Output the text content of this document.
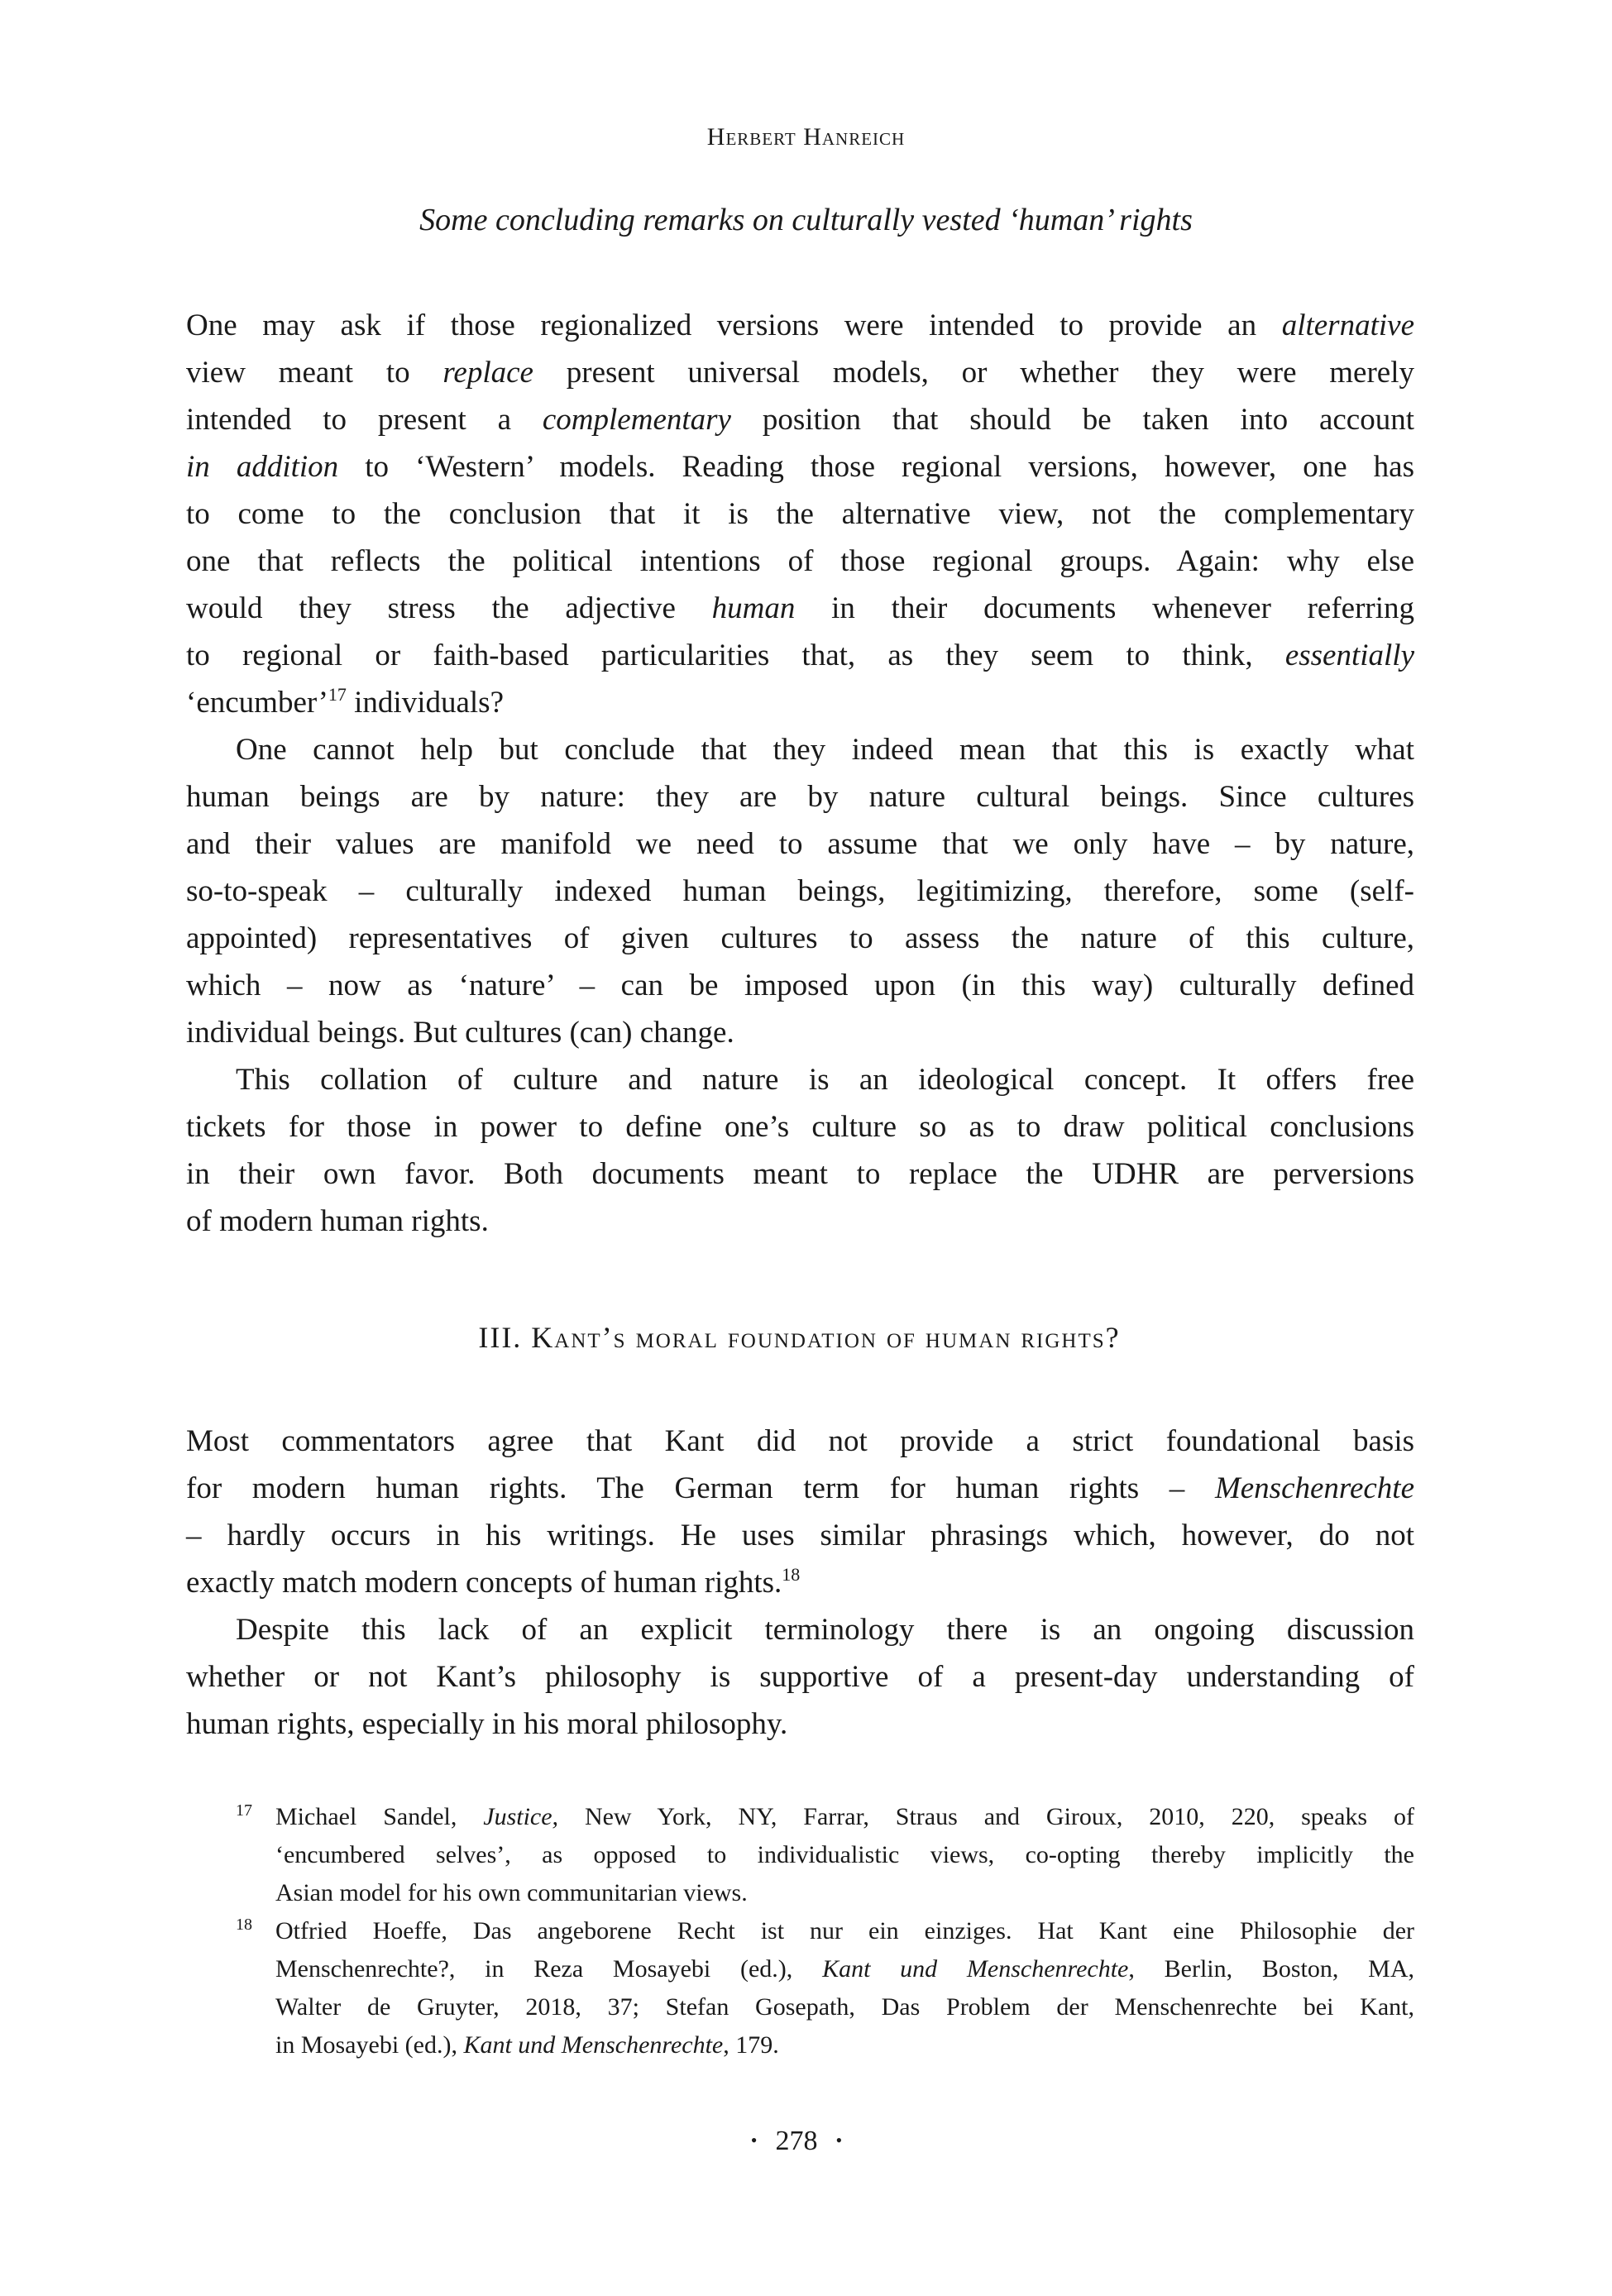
Herbert Hanreich
Some concluding remarks on culturally vested ‘human’ rights
One may ask if those regionalized versions were intended to provide an alternative
view meant to replace present universal models, or whether they were merely
intended to present a complementary position that should be taken into account
in addition to ‘Western’ models. Reading those regional versions, however, one has
to come to the conclusion that it is the alternative view, not the complementary
one that reflects the political intentions of those regional groups. Again: why else
would they stress the adjective human in their documents whenever referring
to regional or faith-based particularities that, as they seem to think, essentially
‘encumber’$^{17}$ individuals?
One cannot help but conclude that they indeed mean that this is exactly what
human beings are by nature: they are by nature cultural beings. Since cultures
and their values are manifold we need to assume that we only have – by nature,
so-to-speak – culturally indexed human beings, legitimizing, therefore, some (self-
appointed) representatives of given cultures to assess the nature of this culture,
which – now as ‘nature’ – can be imposed upon (in this way) culturally defined
individual beings. But cultures (can) change.
This collation of culture and nature is an ideological concept. It offers free
tickets for those in power to define one’s culture so as to draw political conclusions
in their own favor. Both documents meant to replace the UDHR are perversions
of modern human rights.
III. Kant’s moral foundation of human rights?
Most commentators agree that Kant did not provide a strict foundational basis
for modern human rights. The German term for human rights – Menschenrechte
– hardly occurs in his writings. He uses similar phrasings which, however, do not
exactly match modern concepts of human rights.$^{18}$
Despite this lack of an explicit terminology there is an ongoing discussion
whether or not Kant’s philosophy is supportive of a present-day understanding of
human rights, especially in his moral philosophy.
17 Michael Sandel, Justice, New York, NY, Farrar, Straus and Giroux, 2010, 220, speaks of
‘encumbered selves’, as opposed to individualistic views, co-opting thereby implicitly the
Asian model for his own communitarian views.
18 Otfried Hoeffe, Das angeborene Recht ist nur ein einziges. Hat Kant eine Philosophie der
Menschenrechte?, in Reza Mosayebi (ed.), Kant und Menschenrechte, Berlin, Boston, MA,
Walter de Gruyter, 2018, 37; Stefan Gosepath, Das Problem der Menschenrechte bei Kant,
in Mosayebi (ed.), Kant und Menschenrechte, 179.
• 278 •
